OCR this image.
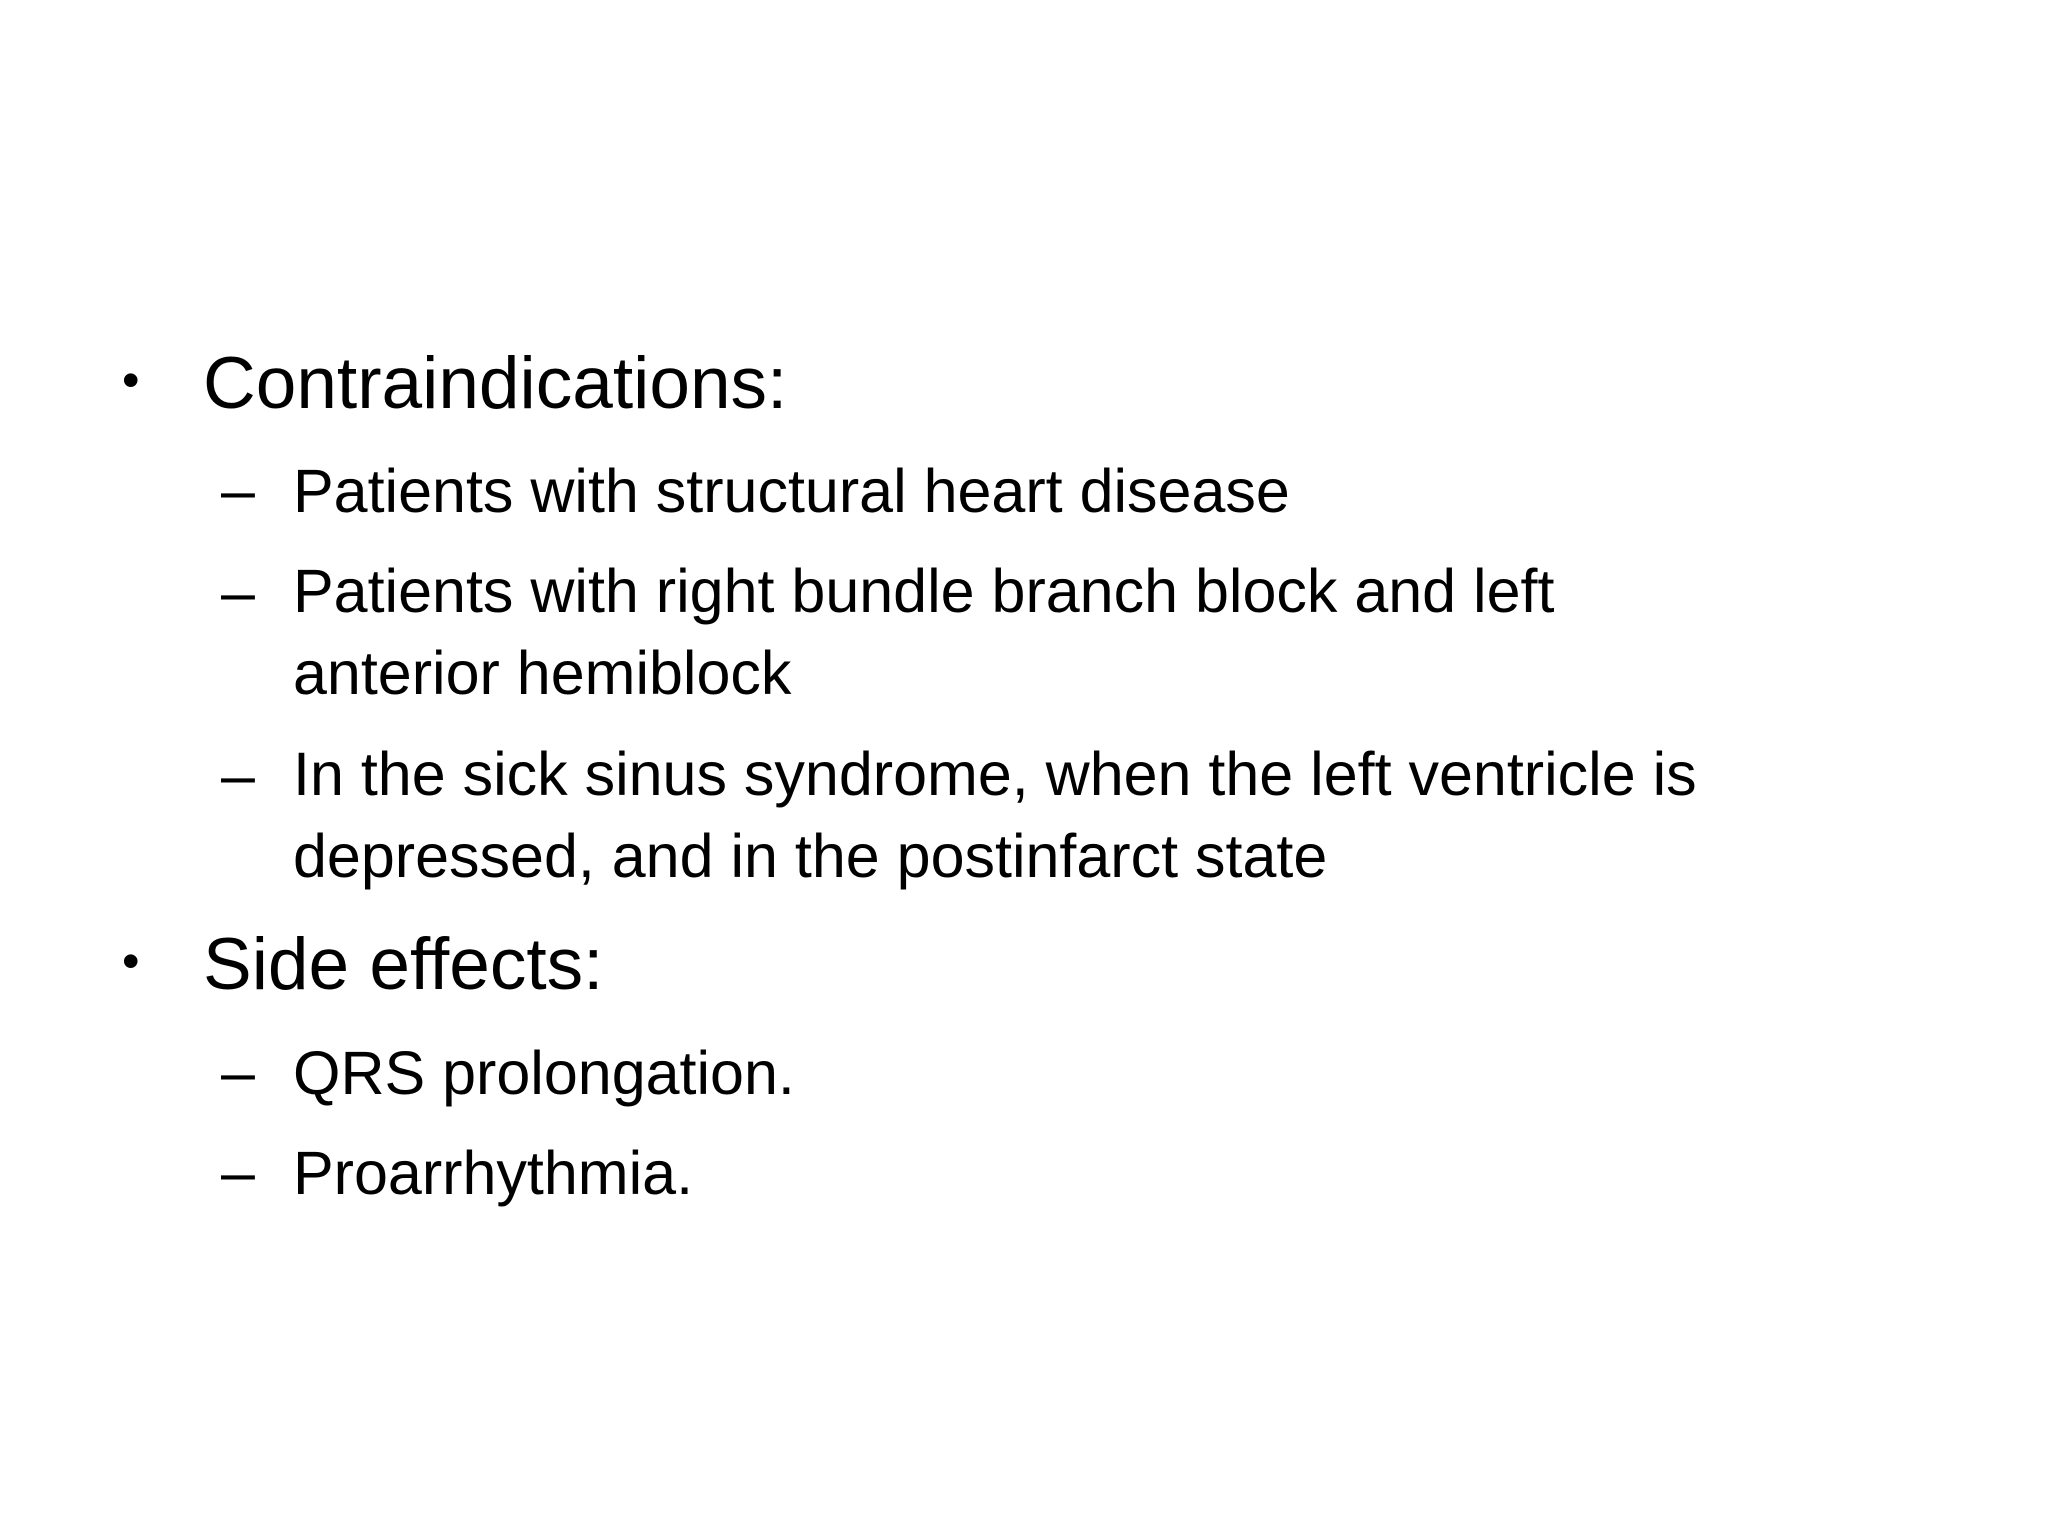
• Contraindications:
– Patients with structural heart disease
– Patients with right bundle branch block and left
anterior hemiblock
– In the sick sinus syndrome, when the left ventricle is
depressed, and in the postinfarct state
• Side effects:
– QRS prolongation.
– Proarrhythmia.
